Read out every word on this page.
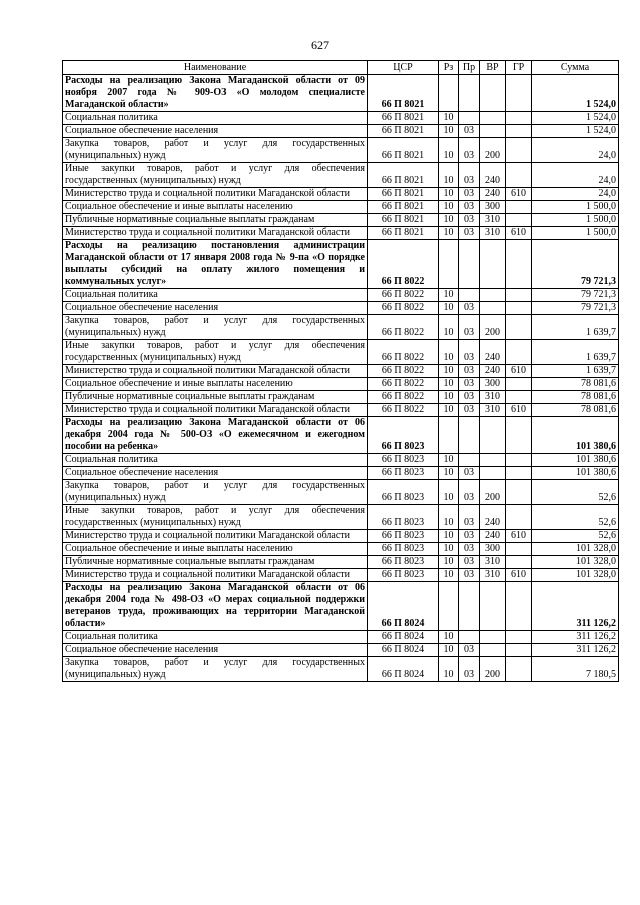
627
Наименование	ЦСР	Рз	Пр	ВР	ГР	Сумма
Расходы на реализацию Закона Магаданской области от 09 ноября 2007 года № 909-ОЗ «О молодом специалисте Магаданской области»	66 П 8021					1 524,0
Социальная политика	66 П 8021	10				1 524,0
Социальное обеспечение населения	66 П 8021	10	03			1 524,0
Закупка товаров, работ и услуг для государственных (муниципальных) нужд	66 П 8021	10	03	200		24,0
Иные закупки товаров, работ и услуг для обеспечения государственных (муниципальных) нужд	66 П 8021	10	03	240		24,0
Министерство труда и социальной политики Магаданской области	66 П 8021	10	03	240	610	24,0
Социальное обеспечение и иные выплаты населению	66 П 8021	10	03	300		1 500,0
Публичные нормативные социальные выплаты гражданам	66 П 8021	10	03	310		1 500,0
Министерство труда и социальной политики Магаданской области	66 П 8021	10	03	310	610	1 500,0
Расходы на реализацию постановления администрации Магаданской области от 17 января 2008 года № 9-па «О порядке выплаты субсидий на оплату жилого помещения и коммунальных услуг»	66 П 8022					79 721,3
Социальная политика	66 П 8022	10				79 721,3
Социальное обеспечение населения	66 П 8022	10	03			79 721,3
Закупка товаров, работ и услуг для государственных (муниципальных) нужд	66 П 8022	10	03	200		1 639,7
Иные закупки товаров, работ и услуг для обеспечения государственных (муниципальных) нужд	66 П 8022	10	03	240		1 639,7
Министерство труда и социальной политики Магаданской области	66 П 8022	10	03	240	610	1 639,7
Социальное обеспечение и иные выплаты населению	66 П 8022	10	03	300		78 081,6
Публичные нормативные социальные выплаты гражданам	66 П 8022	10	03	310		78 081,6
Министерство труда и социальной политики Магаданской области	66 П 8022	10	03	310	610	78 081,6
Расходы на реализацию Закона Магаданской области от 06 декабря 2004 года № 500-ОЗ «О ежемесячном и ежегодном пособии на ребенка»	66 П 8023					101 380,6
Социальная политика	66 П 8023	10				101 380,6
Социальное обеспечение населения	66 П 8023	10	03			101 380,6
Закупка товаров, работ и услуг для государственных (муниципальных) нужд	66 П 8023	10	03	200		52,6
Иные закупки товаров, работ и услуг для обеспечения государственных (муниципальных) нужд	66 П 8023	10	03	240		52,6
Министерство труда и социальной политики Магаданской области	66 П 8023	10	03	240	610	52,6
Социальное обеспечение и иные выплаты населению	66 П 8023	10	03	300		101 328,0
Публичные нормативные социальные выплаты гражданам	66 П 8023	10	03	310		101 328,0
Министерство труда и социальной политики Магаданской области	66 П 8023	10	03	310	610	101 328,0
Расходы на реализацию Закона Магаданской области от 06 декабря 2004 года № 498-ОЗ «О мерах социальной поддержки ветеранов труда, проживающих на территории Магаданской области»	66 П 8024					311 126,2
Социальная политика	66 П 8024	10				311 126,2
Социальное обеспечение населения	66 П 8024	10	03			311 126,2
Закупка товаров, работ и услуг для государственных (муниципальных) нужд	66 П 8024	10	03	200		7 180,5
